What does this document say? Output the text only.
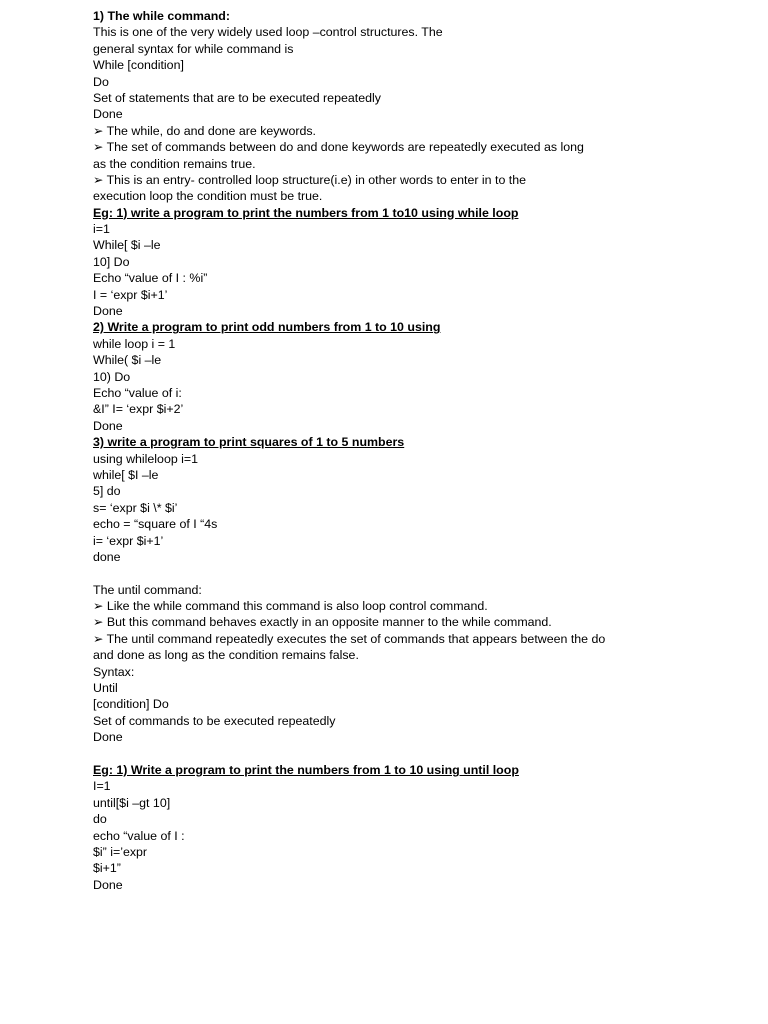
1) The while command:
This is one of the very widely used loop –control structures. The
general syntax for while command is
While [condition]
Do
Set of statements that are to be executed repeatedly
Done
➢ The while, do and done are keywords.
➢ The set of commands between do and done keywords are repeatedly executed as long
as the condition remains true.
➢ This is an entry- controlled loop structure(i.e) in other words to enter in to the
execution loop the condition must be true.
Eg: 1) write a program to print the numbers from 1 to10 using while loop
i=1
While[ $i –le
10] Do
Echo “value of I : %i”
I = ‘expr $i+1’
Done
2) Write a program to print odd numbers from 1 to 10 using
while loop i = 1
While( $i –le
10) Do
Echo “value of i:
&I” I= ‘expr $i+2’
Done
3) write a program to print squares of 1 to 5 numbers
using whileloop i=1
while[ $I –le
5] do
s= ‘expr $i \* $i’
echo = “square of I “4s
i= ‘expr $i+1’
done
The until command:
➢ Like the while command this command is also loop control command.
➢ But this command behaves exactly in an opposite manner to the while command.
➢ The until command repeatedly executes the set of commands that appears between the do
and done as long as the condition remains false.
Syntax:
Until
[condition] Do
Set of commands to be executed repeatedly
Done
Eg: 1) Write a program to print the numbers from 1 to 10 using until loop
I=1
until[$i –gt 10]
do
echo “value of I :
$i” i=’expr
$i+1”
Done
